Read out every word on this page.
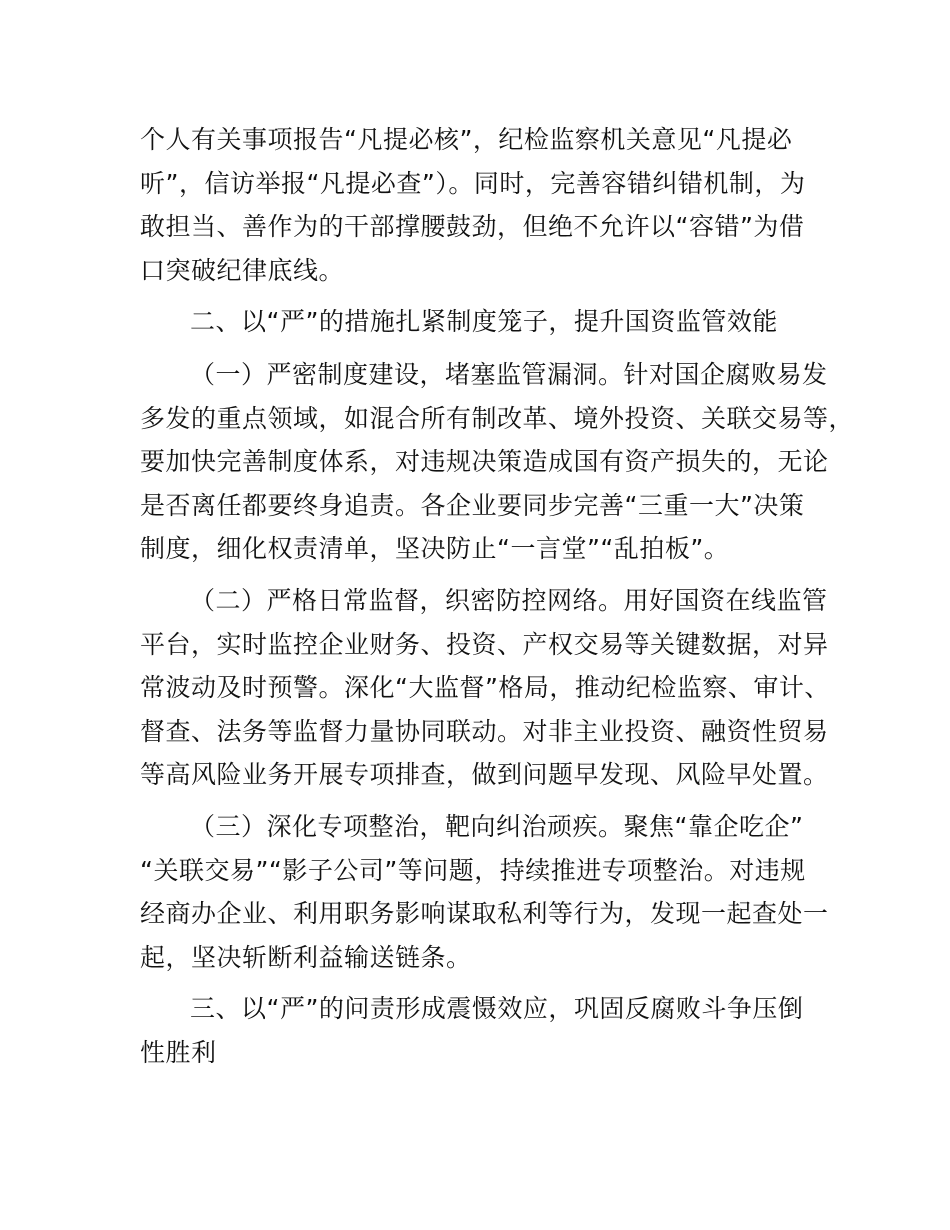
个人有关事项报告“凡提必核”，纪检监察机关意见“凡提必
听”，信访举报“凡提必查”）。同时，完善容错纠错机制，为
敢担当、善作为的干部撑腰鼓劲，但绝不允许以“容错”为借
口突破纪律底线。
二、以“严”的措施扎紧制度笼子，提升国资监管效能
（一）严密制度建设，堵塞监管漏洞。针对国企腐败易发
多发的重点领域，如混合所有制改革、境外投资、关联交易等，
要加快完善制度体系，对违规决策造成国有资产损失的，无论
是否离任都要终身追责。各企业要同步完善“三重一大”决策
制度，细化权责清单，坚决防止“一言堂”“乱拍板”。
（二）严格日常监督，织密防控网络。用好国资在线监管
平台，实时监控企业财务、投资、产权交易等关键数据，对异
常波动及时预警。深化“大监督”格局，推动纪检监察、审计、
督查、法务等监督力量协同联动。对非主业投资、融资性贸易
等高风险业务开展专项排查，做到问题早发现、风险早处置。
（三）深化专项整治，靶向纠治顽疾。聚焦“靠企吃企”
“关联交易”“影子公司”等问题，持续推进专项整治。对违规
经商办企业、利用职务影响谋取私利等行为，发现一起查处一
起，坚决斩断利益输送链条。
三、以“严”的问责形成震慑效应，巩固反腐败斗争压倒
性胜利
